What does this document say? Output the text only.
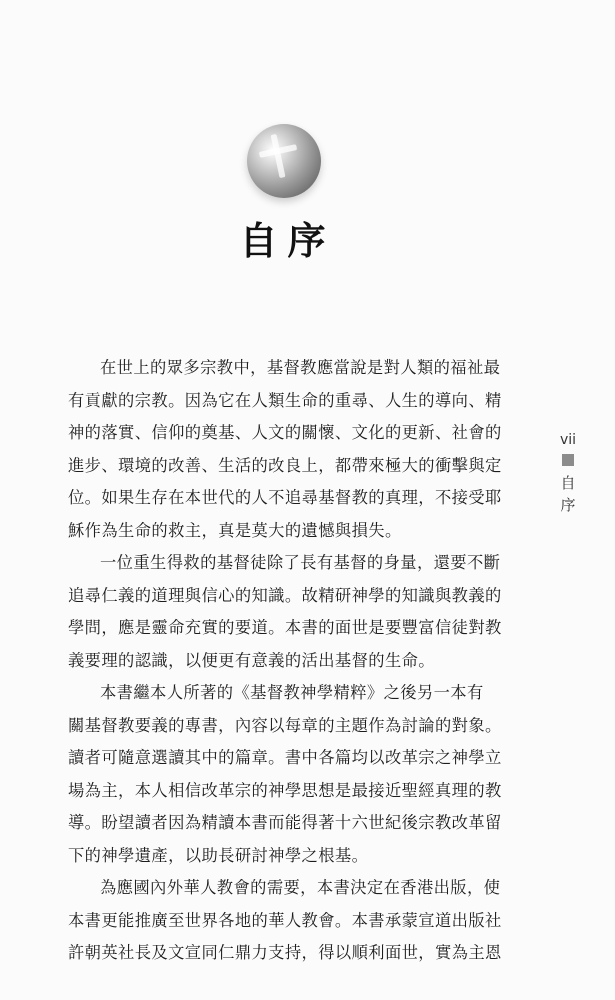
自序
vii
自
序
在世上的眾多宗教中，基督教應當說是對人類的福祉最
有貢獻的宗教。因為它在人類生命的重尋、人生的導向、精
神的落實、信仰的奠基、人文的關懷、文化的更新、社會的
進步、環境的改善、生活的改良上，都帶來極大的衝擊與定
位。如果生存在本世代的人不追尋基督教的真理，不接受耶
穌作為生命的救主，真是莫大的遺憾與損失。
一位重生得救的基督徒除了長有基督的身量，還要不斷
追尋仁義的道理與信心的知識。故精研神學的知識與教義的
學問，應是靈命充實的要道。本書的面世是要豐富信徒對教
義要理的認識，以便更有意義的活出基督的生命。
本書繼本人所著的《基督教神學精粹》之後另一本有
關基督教要義的專書，內容以每章的主題作為討論的對象。
讀者可隨意選讀其中的篇章。書中各篇均以改革宗之神學立
場為主，本人相信改革宗的神學思想是最接近聖經真理的教
導。盼望讀者因為精讀本書而能得著十六世紀後宗教改革留
下的神學遺產，以助長研討神學之根基。
為應國內外華人教會的需要，本書決定在香港出版，使
本書更能推廣至世界各地的華人教會。本書承蒙宣道出版社
許朝英社長及文宣同仁鼎力支持，得以順利面世，實為主恩
